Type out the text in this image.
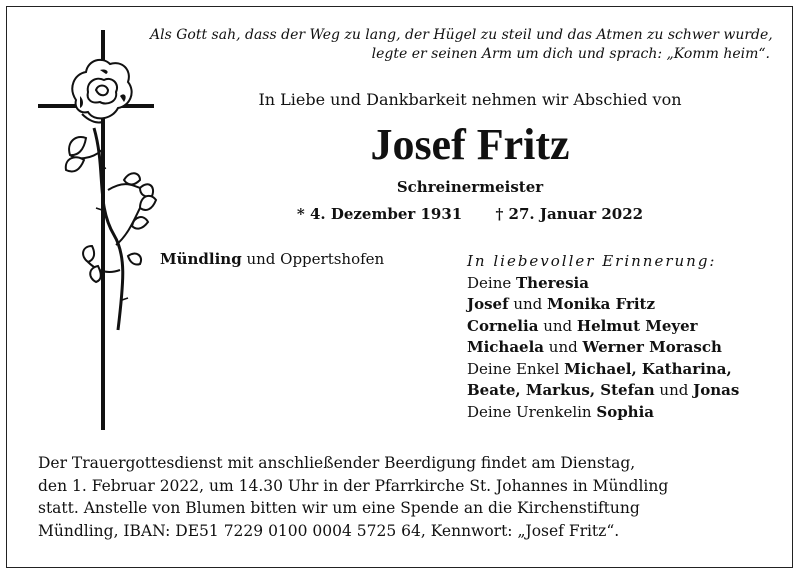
Als Gott sah, dass der Weg zu lang, der Hügel zu steil und das Atmen zu schwer wurde,
legte er seinen Arm um dich und sprach: „Komm heim“.
In Liebe und Dankbarkeit nehmen wir Abschied von
Josef Fritz
Schreinermeister
* 4. Dezember 1931 † 27. Januar 2022
Mündling und Oppertshofen	In liebevoller Erinnerung:
Deine Theresia
Josef und Monika Fritz
Cornelia und Helmut Meyer
Michaela und Werner Morasch
Deine Enkel Michael, Katharina,
Beate, Markus, Stefan und Jonas
Deine Urenkelin Sophia
Der Trauergottesdienst mit anschließender Beerdigung findet am Dienstag,
den 1. Februar 2022, um 14.30 Uhr in der Pfarrkirche St. Johannes in Mündling
statt. Anstelle von Blumen bitten wir um eine Spende an die Kirchenstiftung
Mündling, IBAN: DE51 7229 0100 0004 5725 64, Kennwort: „Josef Fritz“.
